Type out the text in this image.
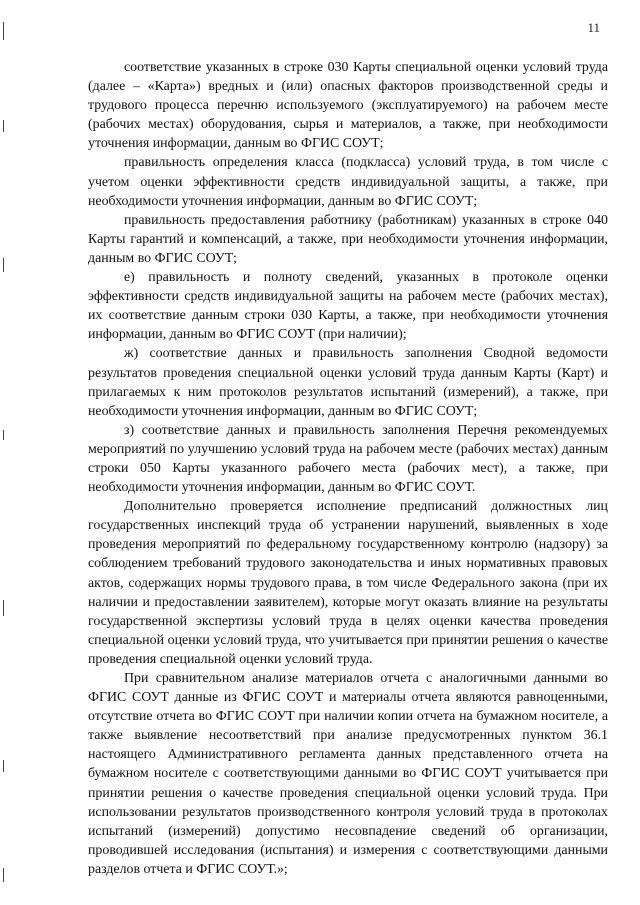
11

соответствие указанных в строке 030 Карты специальной оценки условий труда (далее – «Карта») вредных и (или) опасных факторов производственной среды и трудового процесса перечню используемого (эксплуатируемого) на рабочем месте (рабочих местах) оборудования, сырья и материалов, а также, при необходимости уточнения информации, данным во ФГИС СОУТ;

правильность определения класса (подкласса) условий труда, в том числе с учетом оценки эффективности средств индивидуальной защиты, а также, при необходимости уточнения информации, данным во ФГИС СОУТ;

правильность предоставления работнику (работникам) указанных в строке 040 Карты гарантий и компенсаций, а также, при необходимости уточнения информации, данным во ФГИС СОУТ;

е) правильность и полноту сведений, указанных в протоколе оценки эффективности средств индивидуальной защиты на рабочем месте (рабочих местах), их соответствие данным строки 030 Карты, а также, при необходимости уточнения информации, данным во ФГИС СОУТ (при наличии);

ж) соответствие данных и правильность заполнения Сводной ведомости результатов проведения специальной оценки условий труда данным Карты (Карт) и прилагаемых к ним протоколов результатов испытаний (измерений), а также, при необходимости уточнения информации, данным во ФГИС СОУТ;

з) соответствие данных и правильность заполнения Перечня рекомендуемых мероприятий по улучшению условий труда на рабочем месте (рабочих местах) данным строки 050 Карты указанного рабочего места (рабочих мест), а также, при необходимости уточнения информации, данным во ФГИС СОУТ.

Дополнительно проверяется исполнение предписаний должностных лиц государственных инспекций труда об устранении нарушений, выявленных в ходе проведения мероприятий по федеральному государственному контролю (надзору) за соблюдением требований трудового законодательства и иных нормативных правовых актов, содержащих нормы трудового права, в том числе Федерального закона (при их наличии и предоставлении заявителем), которые могут оказать влияние на результаты государственной экспертизы условий труда в целях оценки качества проведения специальной оценки условий труда, что учитывается при принятии решения о качестве проведения специальной оценки условий труда.

При сравнительном анализе материалов отчета с аналогичными данными во ФГИС СОУТ данные из ФГИС СОУТ и материалы отчета являются равноценными, отсутствие отчета во ФГИС СОУТ при наличии копии отчета на бумажном носителе, а также выявление несоответствий при анализе предусмотренных пунктом 36.1 настоящего Административного регламента данных представленного отчета на бумажном носителе с соответствующими данными во ФГИС СОУТ учитывается при принятии решения о качестве проведения специальной оценки условий труда. При использовании результатов производственного контроля условий труда в протоколах испытаний (измерений) допустимо несовпадение сведений об организации, проводившей исследования (испытания) и измерения с соответствующими данными разделов отчета и ФГИС СОУТ.»;
